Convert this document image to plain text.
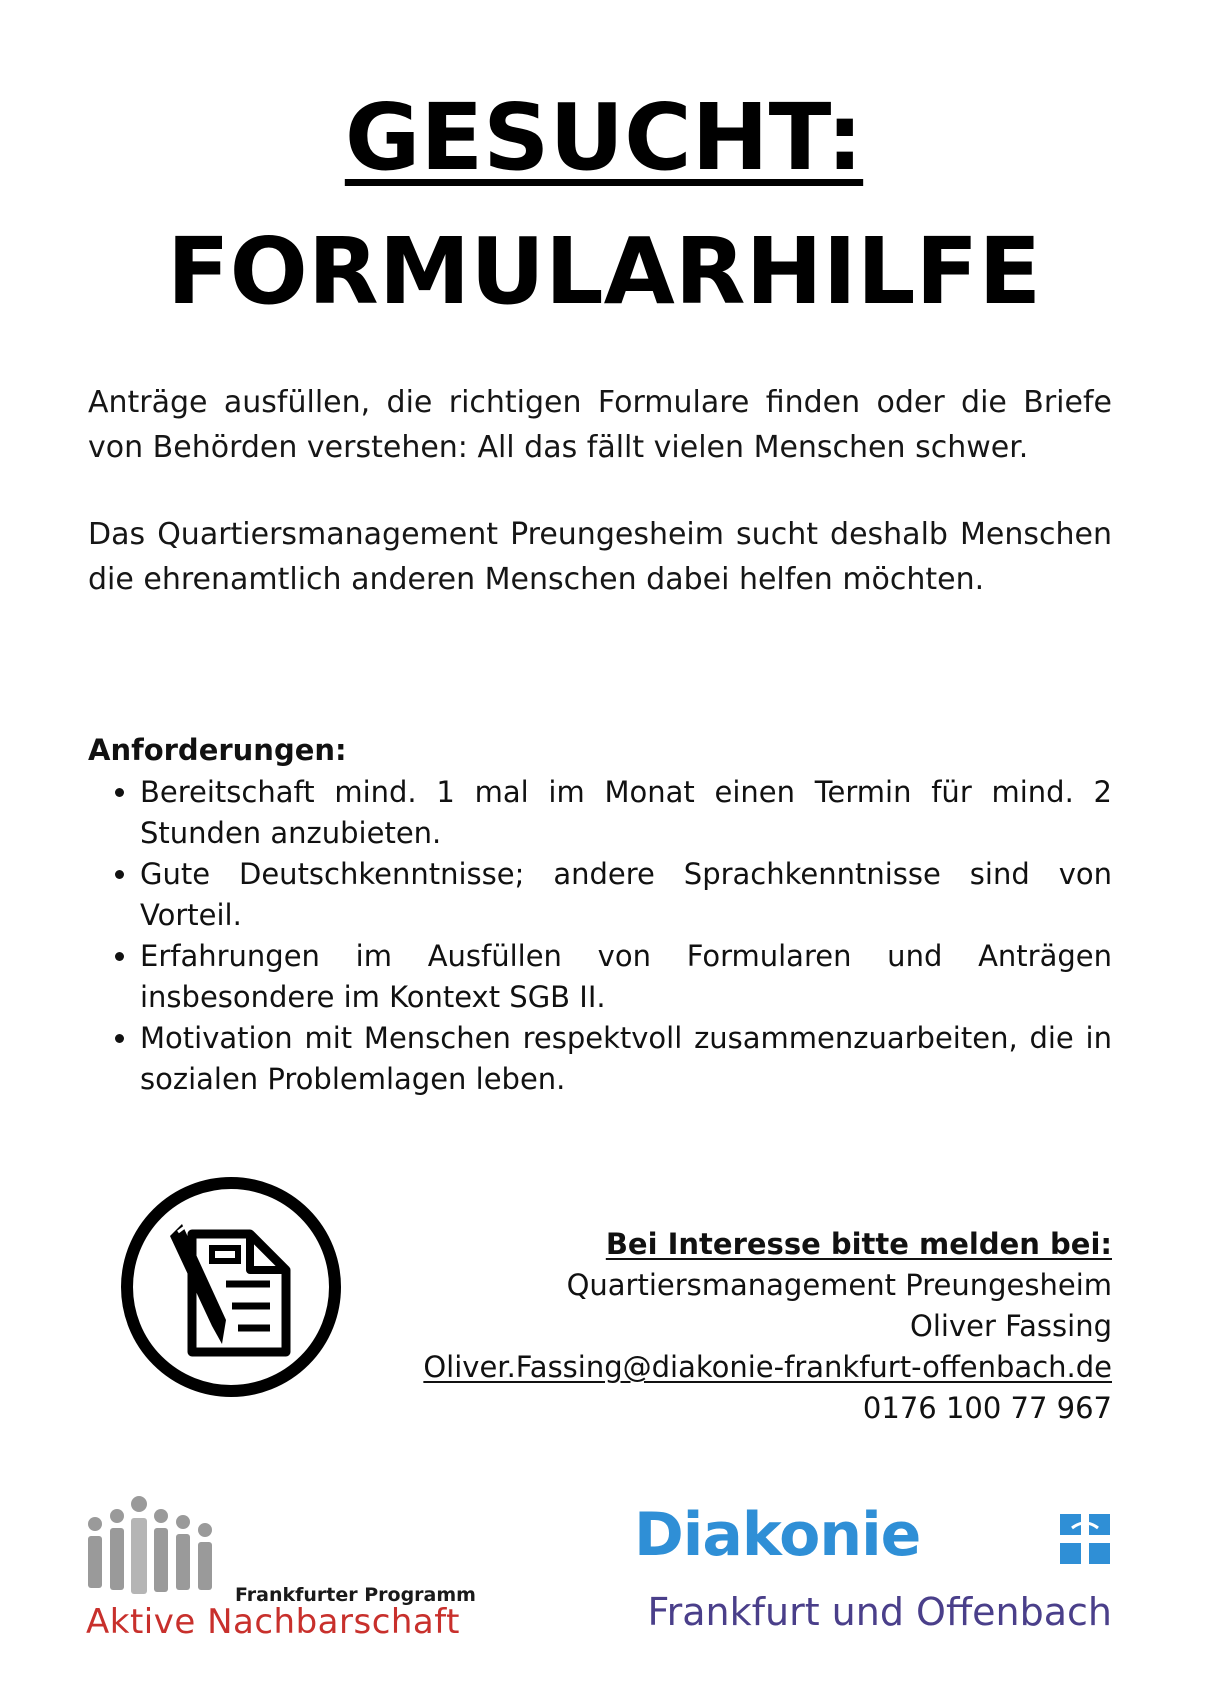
GESUCHT:
FORMULARHILFE
Anträge ausfüllen, die richtigen Formulare finden oder die Briefe von Behörden verstehen: All das fällt vielen Menschen schwer.
Das Quartiersmanagement Preungesheim sucht deshalb Menschen die ehrenamtlich anderen Menschen dabei helfen möchten.
Anforderungen:
• Bereitschaft mind. 1 mal im Monat einen Termin für mind. 2 Stunden anzubieten.
• Gute Deutschkenntnisse; andere Sprachkenntnisse sind von Vorteil.
• Erfahrungen im Ausfüllen von Formularen und Anträgen insbesondere im Kontext SGB II.
• Motivation mit Menschen respektvoll zusammenzuarbeiten, die in sozialen Problemlagen leben.
Bei Interesse bitte melden bei:
Quartiersmanagement Preungesheim
Oliver Fassing
Oliver.Fassing@diakonie-frankfurt-offenbach.de
0176 100 77 967
Frankfurter Programm
Aktive Nachbarschaft
Diakonie
Frankfurt und Offenbach
